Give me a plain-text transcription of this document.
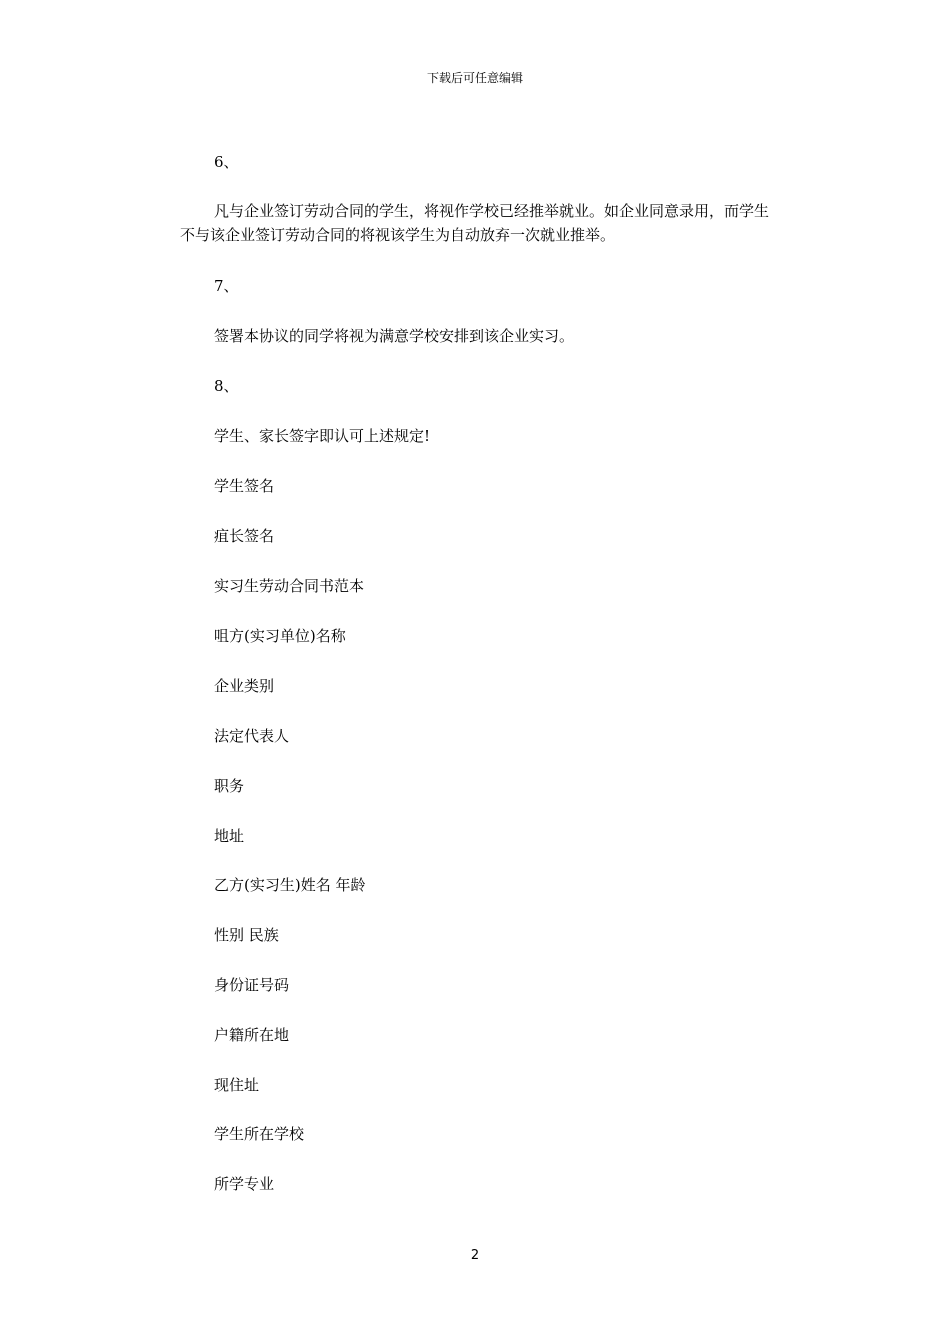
下载后可任意编辑

6、

凡与企业签订劳动合同的学生，将视作学校已经推举就业。如企业同意录用，而学生不与该企业签订劳动合同的将视该学生为自动放弃一次就业推举。

7、

签署本协议的同学将视为满意学校安排到该企业实习。

8、

学生、家长签字即认可上述规定!

学生签名

疽长签名

实习生劳动合同书范本

咀方(实习单位)名称

企业类别

法定代表人

职务

地址

乙方(实习生)姓名 年龄

性别 民族

身份证号码

户籍所在地

现住址

学生所在学校

所学专业

2
